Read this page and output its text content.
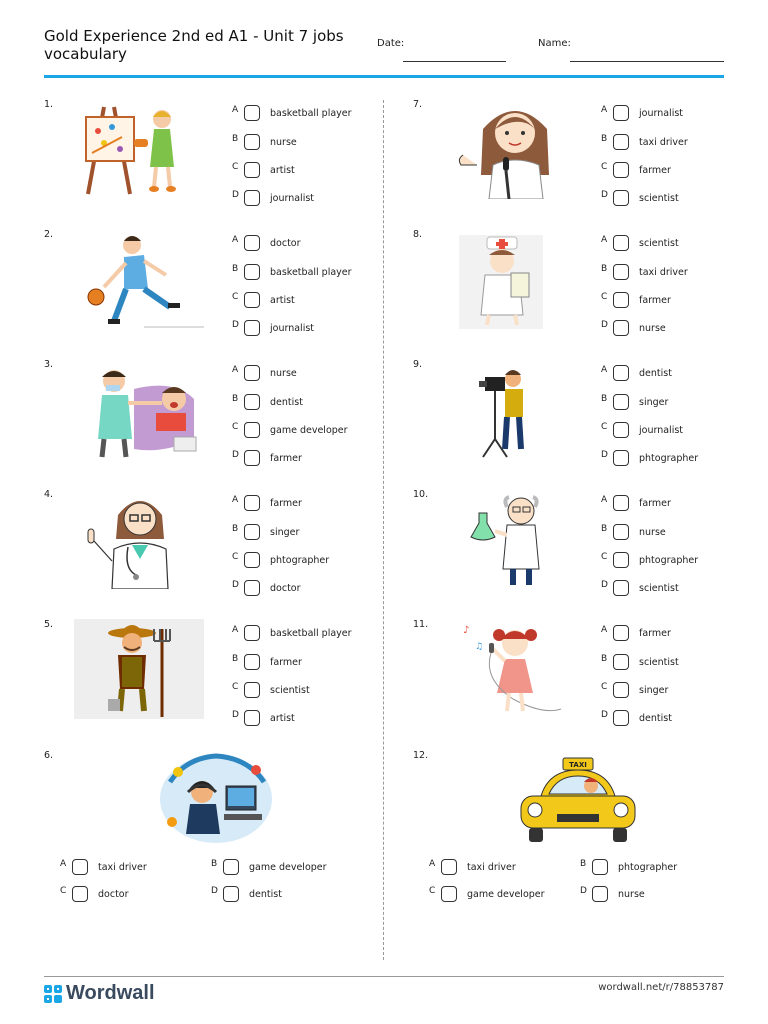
Gold Experience 2nd ed A1 - Unit 7 jobs vocabulary
Date:	Name:
1.	A	basketball player
B	nurse
C	artist
D	journalist
2.	A	doctor
B	basketball player
C	artist
D	journalist
3.	A	nurse
B	dentist
C	game developer
D	farmer
4.	A	farmer
B	singer
C	phtographer
D	doctor
5.	A	basketball player
B	farmer
C	scientist
D	artist
6.
A	taxi driver	B	game developer
C	doctor	D	dentist
7.	A	journalist
B	taxi driver
C	farmer
D	scientist
8.	A	scientist
B	taxi driver
C	farmer
D	nurse
9.	A	dentist
B	singer
C	journalist
D	phtographer
10.	A	farmer
B	nurse
C	phtographer
D	scientist
11.
♪
♫
A	farmer
B	scientist
C	singer
D	dentist
12.
TAXI
A	taxi driver	B	phtographer
C	game developer	D	nurse
Wordwall	wordwall.net/r/78853787
